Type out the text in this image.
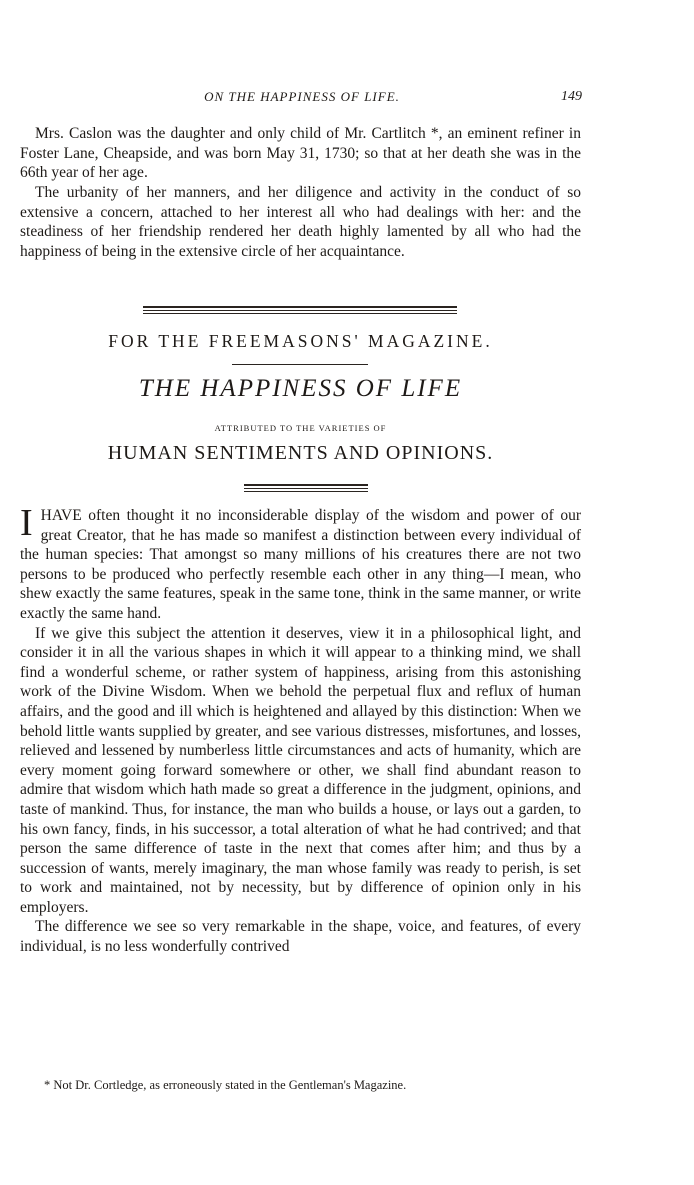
ON THE HAPPINESS OF LIFE.	149

Mrs. Caslon was the daughter and only child of Mr. Cartlitch *, an eminent refiner in Foster Lane, Cheapside, and was born May 31, 1730; so that at her death she was in the 66th year of her age.

The urbanity of her manners, and her diligence and activity in the conduct of so extensive a concern, attached to her interest all who had dealings with her: and the steadiness of her friendship rendered her death highly lamented by all who had the happiness of being in the extensive circle of her acquaintance.

FOR THE FREEMASONS' MAGAZINE.
THE HAPPINESS OF LIFE
ATTRIBUTED TO THE VARIETIES OF
HUMAN SENTIMENTS AND OPINIONS.

IHAVE often thought it no inconsiderable display of the wisdom and power of our great Creator, that he has made so manifest a distinction between every individual of the human species: That amongst so many millions of his creatures there are not two persons to be produced who perfectly resemble each other in any thing—I mean, who shew exactly the same features, speak in the same tone, think in the same manner, or write exactly the same hand.

If we give this subject the attention it deserves, view it in a philosophical light, and consider it in all the various shapes in which it will appear to a thinking mind, we shall find a wonderful scheme, or rather system of happiness, arising from this astonishing work of the Divine Wisdom. When we behold the perpetual flux and reflux of human affairs, and the good and ill which is heightened and allayed by this distinction: When we behold little wants supplied by greater, and see various distresses, misfortunes, and losses, relieved and lessened by numberless little circumstances and acts of humanity, which are every moment going forward somewhere or other, we shall find abundant reason to admire that wisdom which hath made so great a difference in the judgment, opinions, and taste of mankind. Thus, for instance, the man who builds a house, or lays out a garden, to his own fancy, finds, in his successor, a total alteration of what he had contrived; and that person the same difference of taste in the next that comes after him; and thus by a succession of wants, merely imaginary, the man whose family was ready to perish, is set to work and maintained, not by necessity, but by difference of opinion only in his employers.

The difference we see so very remarkable in the shape, voice, and features, of every individual, is no less wonderfully contrived

* Not Dr. Cortledge, as erroneously stated in the Gentleman's Magazine.
